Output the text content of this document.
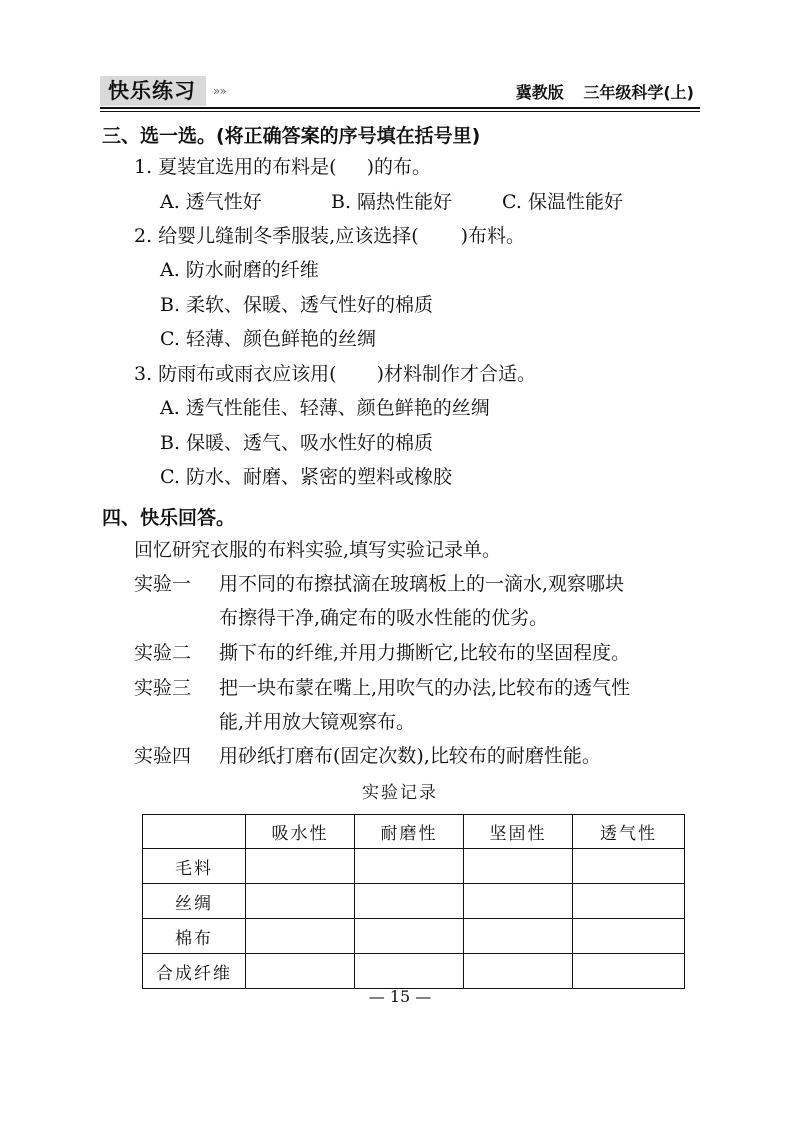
快乐练习	»»	冀教版 三年级科学(上)
三、选一选。(将正确答案的序号填在括号里)
1. 夏装宜选用的布料是( )的布。
A. 透气性好	B. 隔热性能好	C. 保温性能好
2. 给婴儿缝制冬季服装,应该选择( )布料。
A. 防水耐磨的纤维
B. 柔软、保暖、透气性好的棉质
C. 轻薄、颜色鲜艳的丝绸
3. 防雨布或雨衣应该用( )材料制作才合适。
A. 透气性能佳、轻薄、颜色鲜艳的丝绸
B. 保暖、透气、吸水性好的棉质
C. 防水、耐磨、紧密的塑料或橡胶
四、快乐回答。
回忆研究衣服的布料实验,填写实验记录单。
实验一 用不同的布擦拭滴在玻璃板上的一滴水,观察哪块
布擦得干净,确定布的吸水性能的优劣。
实验二 撕下布的纤维,并用力撕断它,比较布的坚固程度。
实验三 把一块布蒙在嘴上,用吹气的办法,比较布的透气性
能,并用放大镜观察布。
实验四 用砂纸打磨布(固定次数),比较布的耐磨性能。
实验记录
	吸水性	耐磨性	坚固性	透气性
毛料				
丝绸				
棉布				
合成纤维				
— 15 —
